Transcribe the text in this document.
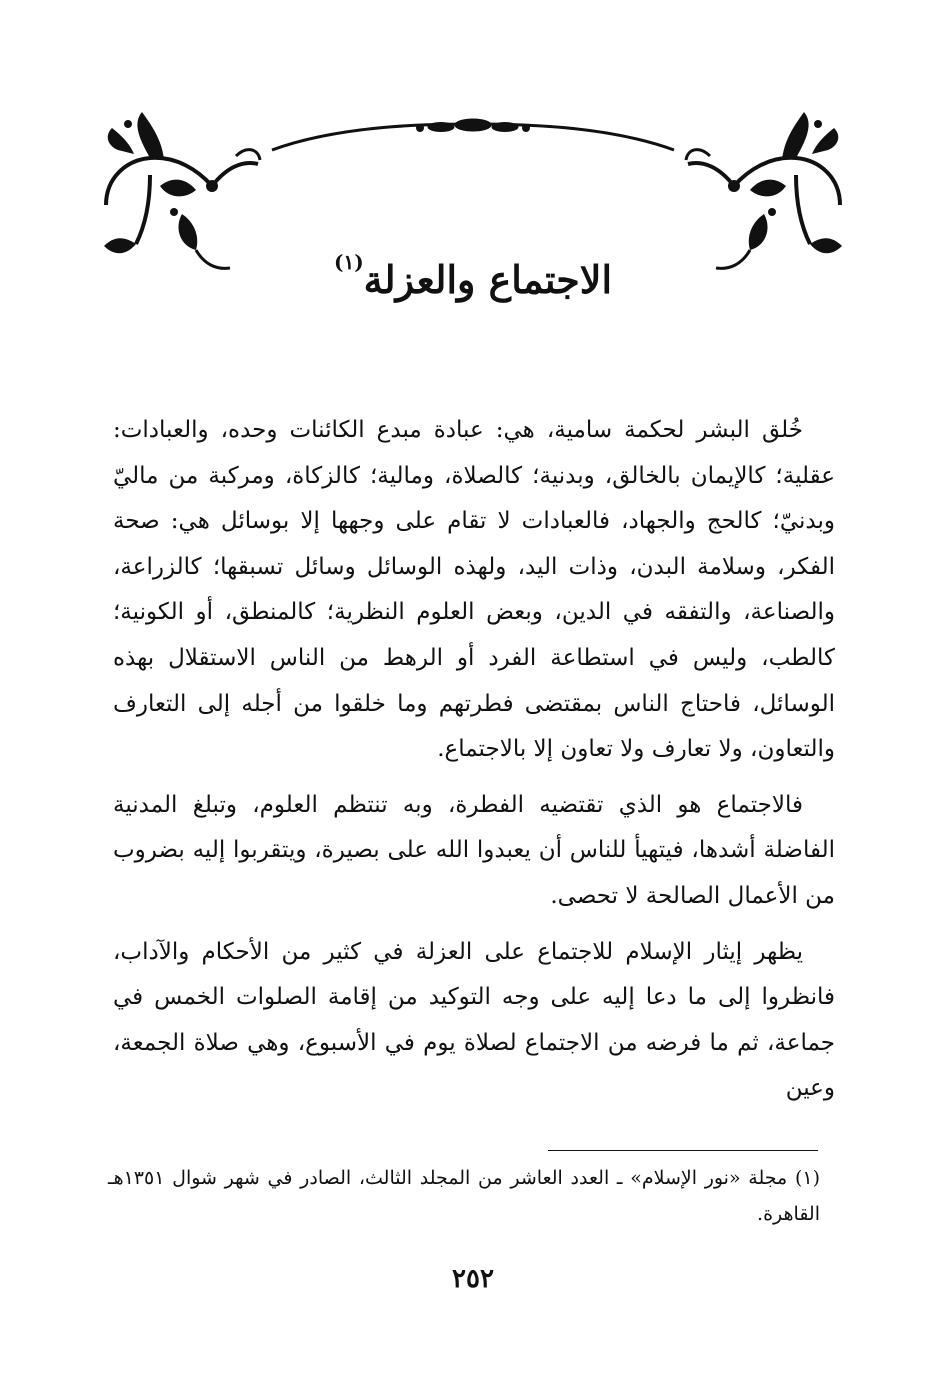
الاجتماع والعزلة$^{(١)}$

خُلق البشر لحكمة سامية، هي: عبادة مبدع الكائنات وحده، والعبادات: عقلية؛ كالإيمان بالخالق، وبدنية؛ كالصلاة، ومالية؛ كالزكاة، ومركبة من ماليّ وبدنيّ؛ كالحج والجهاد، فالعبادات لا تقام على وجهها إلا بوسائل هي: صحة الفكر، وسلامة البدن، وذات اليد، ولهذه الوسائل وسائل تسبقها؛ كالزراعة، والصناعة، والتفقه في الدين، وبعض العلوم النظرية؛ كالمنطق، أو الكونية؛ كالطب، وليس في استطاعة الفرد أو الرهط من الناس الاستقلال بهذه الوسائل، فاحتاج الناس بمقتضى فطرتهم وما خلقوا من أجله إلى التعارف والتعاون، ولا تعارف ولا تعاون إلا بالاجتماع.

فالاجتماع هو الذي تقتضيه الفطرة، وبه تنتظم العلوم، وتبلغ المدنية الفاضلة أشدها، فيتهيأ للناس أن يعبدوا الله على بصيرة، ويتقربوا إليه بضروب من الأعمال الصالحة لا تحصى.

يظهر إيثار الإسلام للاجتماع على العزلة في كثير من الأحكام والآداب، فانظروا إلى ما دعا إليه على وجه التوكيد من إقامة الصلوات الخمس في جماعة، ثم ما فرضه من الاجتماع لصلاة يوم في الأسبوع، وهي صلاة الجمعة، وعين

(١) مجلة «نور الإسلام» ـ العدد العاشر من المجلد الثالث، الصادر في شهر شوال ١٣٥١هـ القاهرة.

٢٥٢
